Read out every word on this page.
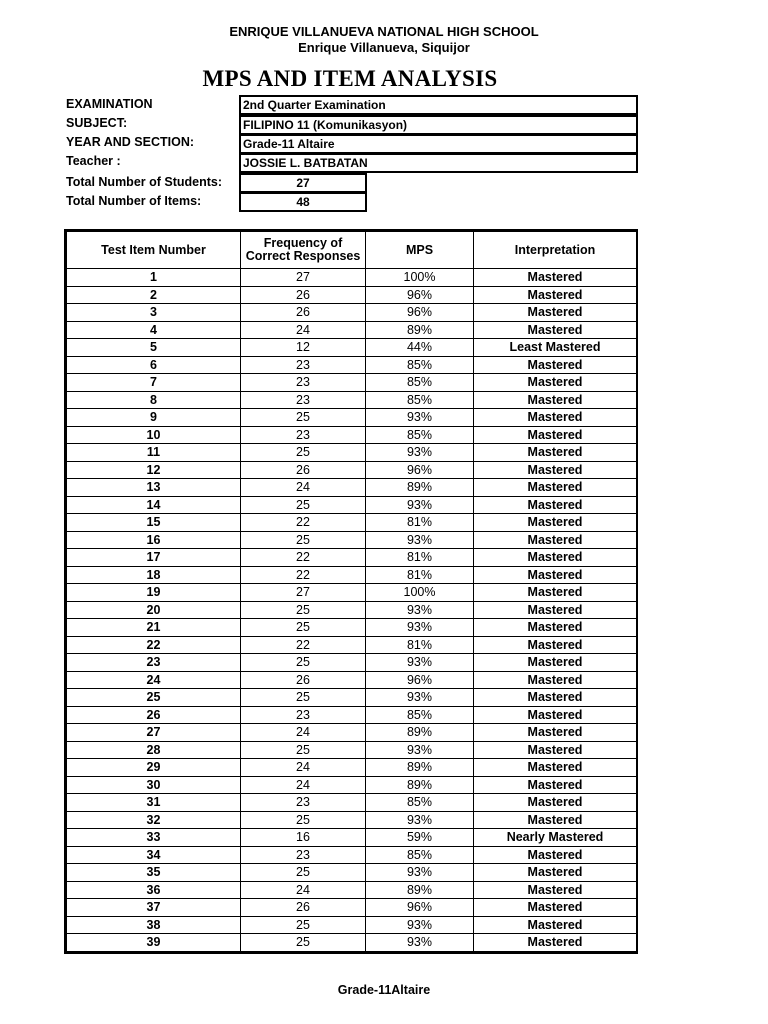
ENRIQUE VILLANUEVA NATIONAL HIGH SCHOOL
Enrique Villanueva, Siquijor
MPS AND ITEM ANALYSIS
EXAMINATION	2nd Quarter Examination
SUBJECT:	FILIPINO 11 (Komunikasyon)
YEAR AND SECTION:	Grade-11 Altaire
Teacher :	JOSSIE L. BATBATAN
Total Number of Students:	27
Total Number of Items:	48
Test Item Number	Frequency of Correct Responses	MPS	Interpretation
1	27	100%	Mastered
2	26	96%	Mastered
3	26	96%	Mastered
4	24	89%	Mastered
5	12	44%	Least Mastered
6	23	85%	Mastered
7	23	85%	Mastered
8	23	85%	Mastered
9	25	93%	Mastered
10	23	85%	Mastered
11	25	93%	Mastered
12	26	96%	Mastered
13	24	89%	Mastered
14	25	93%	Mastered
15	22	81%	Mastered
16	25	93%	Mastered
17	22	81%	Mastered
18	22	81%	Mastered
19	27	100%	Mastered
20	25	93%	Mastered
21	25	93%	Mastered
22	22	81%	Mastered
23	25	93%	Mastered
24	26	96%	Mastered
25	25	93%	Mastered
26	23	85%	Mastered
27	24	89%	Mastered
28	25	93%	Mastered
29	24	89%	Mastered
30	24	89%	Mastered
31	23	85%	Mastered
32	25	93%	Mastered
33	16	59%	Nearly Mastered
34	23	85%	Mastered
35	25	93%	Mastered
36	24	89%	Mastered
37	26	96%	Mastered
38	25	93%	Mastered
39	25	93%	Mastered
Grade-11Altaire
